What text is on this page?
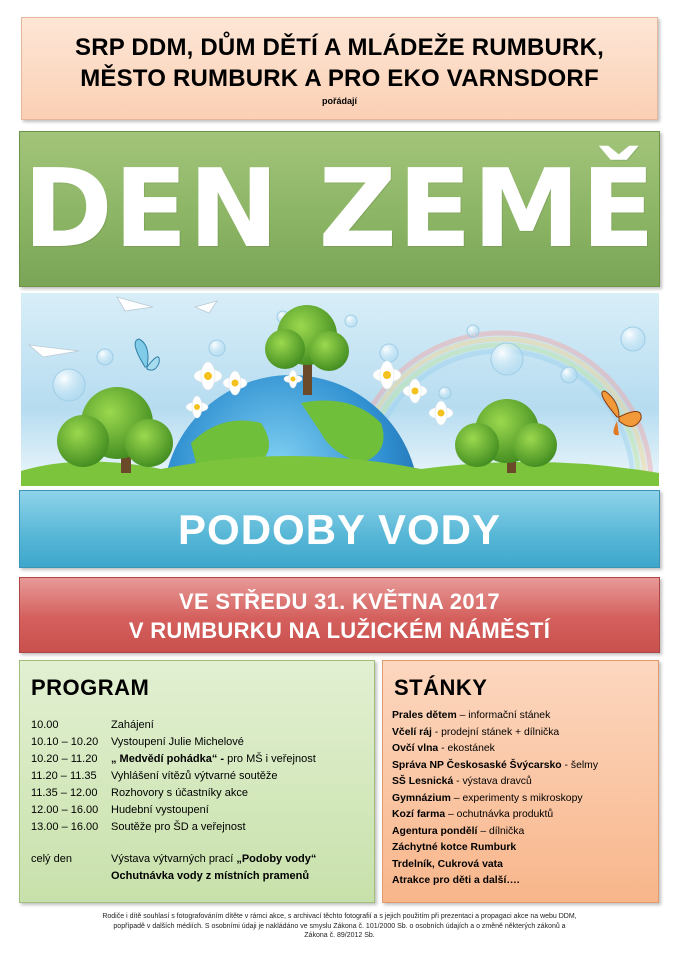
SRP DDM, DŮM DĚTÍ A MLÁDEŽE RUMBURK,
MĚSTO RUMBURK A PRO EKO VARNSDORF
pořádají
DEN ZEMĚ
PODOBY VODY
VE STŘEDU 31. KVĚTNA 2017
V RUMBURKU NA LUŽICKÉM NÁMĚSTÍ
PROGRAM
10.00	Zahájení
10.10 – 10.20 Vystoupení Julie Michelové
10.20 – 11.20 „ Medvědí pohádka“ - pro MŠ i veřejnost
11.20 – 11.35 Vyhlášení vítězů výtvarné soutěže
11.35 – 12.00 Rozhovory s účastníky akce
12.00 – 16.00 Hudební vystoupení
13.00 – 16.00 Soutěže pro ŠD a veřejnost
celý den	Výstava výtvarných prací „Podoby vody“
Ochutnávka vody z místních pramenů
STÁNKY
Prales dětem – informační stánek
Včelí ráj - prodejní stánek + dílnička
Ovčí vlna - ekostánek
Správa NP Českosaské Švýcarsko - šelmy
SŠ Lesnická - výstava dravců
Gymnázium – experimenty s mikroskopy
Kozí farma – ochutnávka produktů
Agentura pondělí – dílnička
Záchytné kotce Rumburk
Trdelník, Cukrová vata
Atrakce pro děti a další….
Rodiče i dítě souhlasí s fotografováním dítěte v rámci akce, s archivací těchto fotografií a s jejich použitím při prezentaci a propagaci akce na webu DDM,
popřípadě v dalších médiích. S osobními údaji je nakládáno ve smyslu Zákona č. 101/2000 Sb. o osobních údajích a o změně některých zákonů a
Zákona č. 89/2012 Sb.
